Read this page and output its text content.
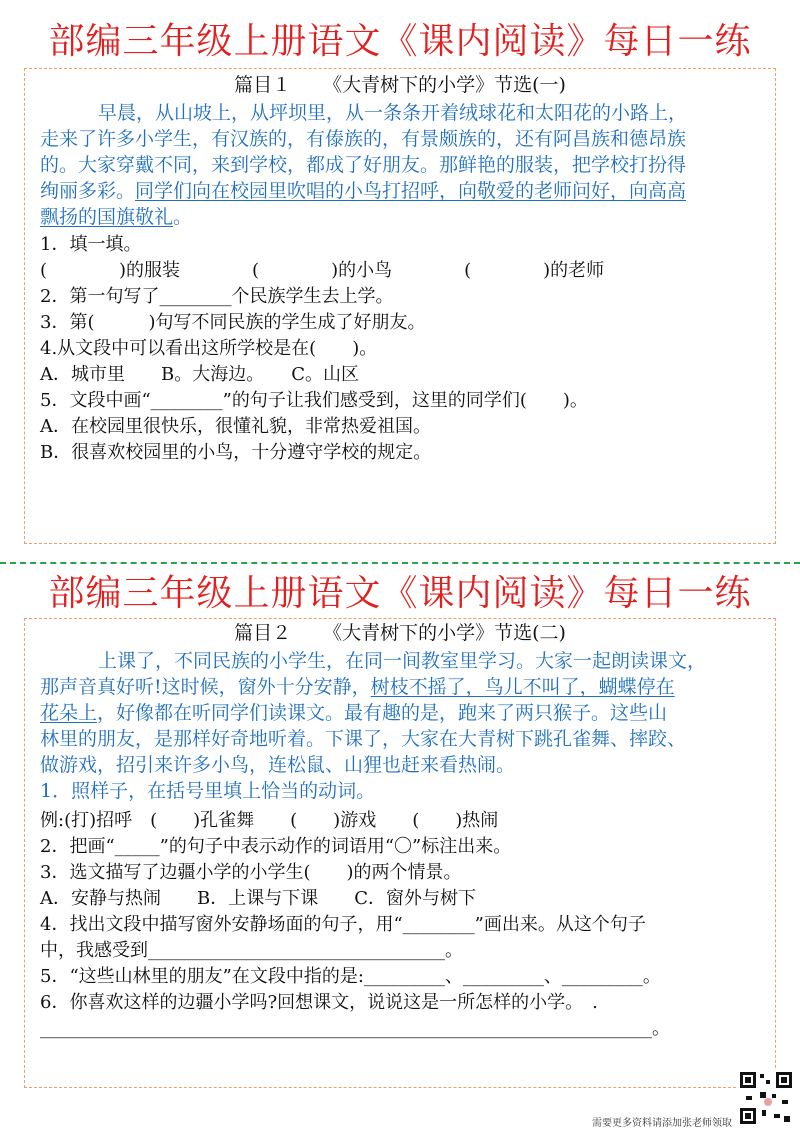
部编三年级上册语文《课内阅读》每日一练
篇目１ 《大青树下的小学》节选(一)

早晨，从山坡上，从坪坝里，从一条条开着绒球花和太阳花的小路上，

走来了许多小学生，有汉族的，有傣族的，有景颇族的，还有阿昌族和德昂族

的。大家穿戴不同，来到学校，都成了好朋友。那鲜艳的服装，把学校打扮得

绚丽多彩。同学们向在校园里吹唱的小鸟打招呼，向敬爱的老师问好，向高高

飘扬的国旗敬礼。

1．填一填。
(　　　　)的服装　　　　(　　　　)的小鸟　　　　(　　　　)的老师
2．第一句写了________个民族学生去上学。
3．第(　　　)句写不同民族的学生成了好朋友。
4.从文段中可以看出这所学校是在(　　)。
A．城市里　　B。大海边。　　C。山区
5．文段中画“________”的句子让我们感受到，这里的同学们(　　)。
A．在校园里很快乐，很懂礼貌，非常热爱祖国。
B．很喜欢校园里的小鸟，十分遵守学校的规定。
部编三年级上册语文《课内阅读》每日一练
篇目２ 《大青树下的小学》节选(二)

上课了，不同民族的小学生，在同一间教室里学习。大家一起朗读课文，

那声音真好听!这时候，窗外十分安静，树枝不摇了，鸟儿不叫了，蝴蝶停在

花朵上，好像都在听同学们读课文。最有趣的是，跑来了两只猴子。这些山

林里的朋友，是那样好奇地听着。下课了，大家在大青树下跳孔雀舞、摔跤、

做游戏，招引来许多小鸟，连松鼠、山狸也赶来看热闹。

1．照样子，在括号里填上恰当的动词。

例:(打)招呼　(　　)孔雀舞　　(　　)游戏　　(　　)热闹
2．把画“_____”的句子中表示动作的词语用“〇”标注出来。
3．选文描写了边疆小学的小学生(　　)的两个情景。
A．安静与热闹　　B．上课与下课　　C．窗外与树下
4．找出文段中描写窗外安静场面的句子，用“________”画出来。从这个句子
中，我感受到_________________________________。
5．“这些山林里的朋友”在文段中指的是:_________、_________、_________。
6．你喜欢这样的边疆小学吗?回想课文，说说这是一所怎样的小学。　.
____________________________________________________________________。
需要更多资料请添加张老师领取
